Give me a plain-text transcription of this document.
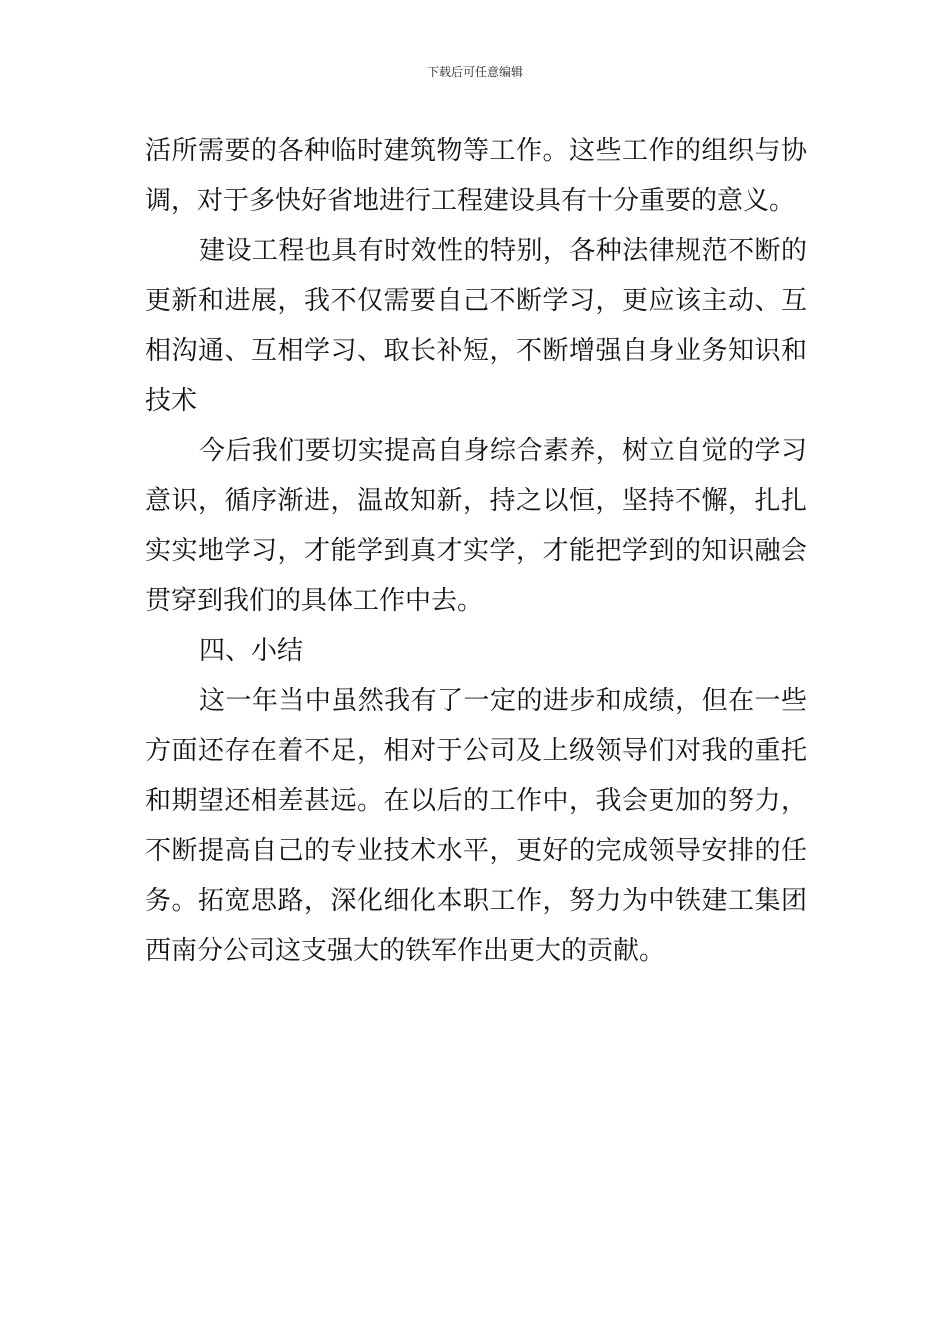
下载后可任意编辑

活所需要的各种临时建筑物等工作。这些工作的组织与协调，对于多快好省地进行工程建设具有十分重要的意义。

建设工程也具有时效性的特别，各种法律规范不断的更新和进展，我不仅需要自己不断学习，更应该主动、互相沟通、互相学习、取长补短，不断增强自身业务知识和技术

今后我们要切实提高自身综合素养，树立自觉的学习意识，循序渐进，温故知新，持之以恒，坚持不懈，扎扎实实地学习，才能学到真才实学，才能把学到的知识融会贯穿到我们的具体工作中去。

四、小结

这一年当中虽然我有了一定的进步和成绩，但在一些方面还存在着不足，相对于公司及上级领导们对我的重托和期望还相差甚远。在以后的工作中，我会更加的努力，不断提高自己的专业技术水平，更好的完成领导安排的任务。拓宽思路，深化细化本职工作，努力为中铁建工集团西南分公司这支强大的铁军作出更大的贡献。
